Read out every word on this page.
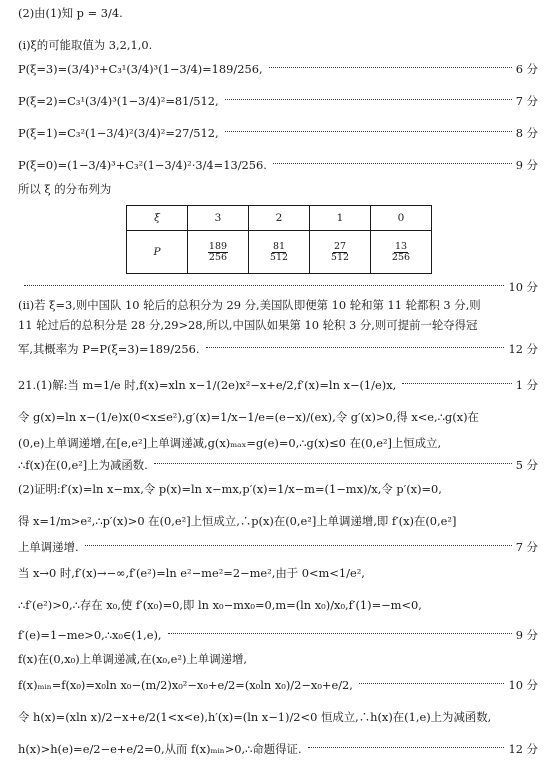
(2)由(1)知 p = 3/4.
(ⅰ)ξ的可能取值为 3,2,1,0.
P(ξ=3)=(3/4)³+C₃¹(3/4)³(1−3/4)=189/256,	6 分
P(ξ=2)=C₃¹(3/4)³(1−3/4)²=81/512,	7 分
P(ξ=1)=C₃²(1−3/4)²(3/4)²=27/512,	8 分
P(ξ=0)=(1−3/4)³+C₃²(1−3/4)²·3/4=13/256.	9 分
所以 ξ 的分布列为
ξ	3	2	1	0
P	$\frac{189}{256}$	$\frac{81}{512}$	$\frac{27}{512}$	$\frac{13}{256}$
10 分
(ⅱ)若 ξ=3,则中国队 10 轮后的总积分为 29 分,美国队即便第 10 轮和第 11 轮都积 3 分,则
11 轮过后的总积分是 28 分,29>28,所以,中国队如果第 10 轮积 3 分,则可提前一轮夺得冠
军,其概率为 P=P(ξ=3)=189/256.	12 分
21.(1)解:当 m=1/e 时,f(x)=xln x−1/(2e)x²−x+e/2,f′(x)=ln x−(1/e)x,	1 分
令 g(x)=ln x−(1/e)x(0<x≤e²),g′(x)=1/x−1/e=(e−x)/(ex),令 g′(x)>0,得 x<e,∴g(x)在
(0,e)上单调递增,在[e,e²]上单调递减,g(x)ₘₐₓ=g(e)=0,∴g(x)≤0 在(0,e²]上恒成立,
∴f(x)在(0,e²]上为减函数.	5 分
(2)证明:f′(x)=ln x−mx,令 p(x)=ln x−mx,p′(x)=1/x−m=(1−mx)/x,令 p′(x)=0,
得 x=1/m>e²,∴p′(x)>0 在(0,e²]上恒成立,∴p(x)在(0,e²]上单调递增,即 f′(x)在(0,e²]
上单调递增.	7 分
当 x→0 时,f′(x)→−∞,f′(e²)=ln e²−me²=2−me²,由于 0<m<1/e²,
∴f′(e²)>0,∴存在 x₀,使 f′(x₀)=0,即 ln x₀−mx₀=0,m=(ln x₀)/x₀,f′(1)=−m<0,
f′(e)=1−me>0,∴x₀∈(1,e),	9 分
f(x)在(0,x₀)上单调递减,在(x₀,e²)上单调递增,
f(x)ₘᵢₙ=f(x₀)=x₀ln x₀−(m/2)x₀²−x₀+e/2=(x₀ln x₀)/2−x₀+e/2,	10 分
令 h(x)=(xln x)/2−x+e/2(1<x<e),h′(x)=(ln x−1)/2<0 恒成立,∴h(x)在(1,e)上为减函数,
h(x)>h(e)=e/2−e+e/2=0,从而 f(x)ₘᵢₙ>0,∴命题得证.	12 分
